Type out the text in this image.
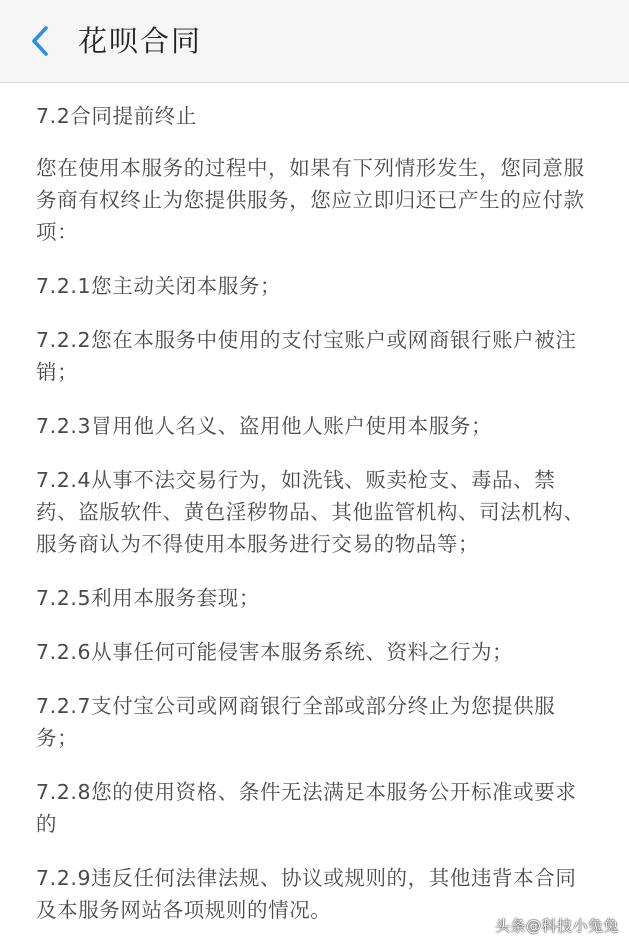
花呗合同

7.2合同提前终止

您在使用本服务的过程中，如果有下列情形发生，您同意服务商有权终止为您提供服务，您应立即归还已产生的应付款项：

7.2.1您主动关闭本服务；

7.2.2您在本服务中使用的支付宝账户或网商银行账户被注销；

7.2.3冒用他人名义、盗用他人账户使用本服务；

7.2.4从事不法交易行为，如洗钱、贩卖枪支、毒品、禁药、盗版软件、黄色淫秽物品、其他监管机构、司法机构、服务商认为不得使用本服务进行交易的物品等；

7.2.5利用本服务套现；

7.2.6从事任何可能侵害本服务系统、资料之行为；

7.2.7支付宝公司或网商银行全部或部分终止为您提供服务；

7.2.8您的使用资格、条件无法满足本服务公开标准或要求的

7.2.9违反任何法律法规、协议或规则的，其他违背本合同及本服务网站各项规则的情况。

头条@科技小兔兔
